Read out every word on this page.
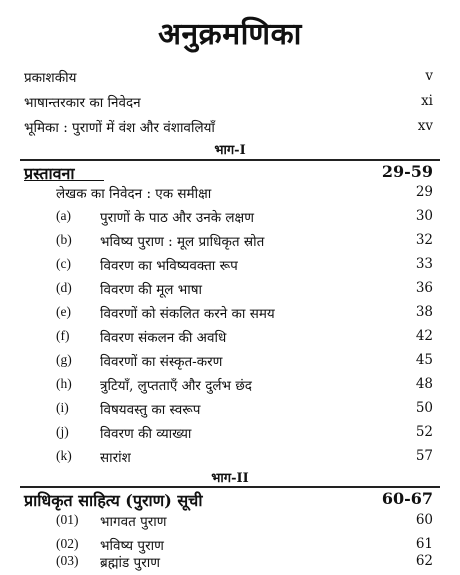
अनुक्रमणिका
प्रकाशकीय	v
भाषान्तरकार का निवेदन	xi
भूमिका : पुराणों में वंश और वंशावलियाँ	xv
भाग-I
प्रस्तावना	29-59
लेखक का निवेदन : एक समीक्षा	29
(a) पुराणों के पाठ और उनके लक्षण	30
(b) भविष्य पुराण : मूल प्राधिकृत स्रोत	32
(c) विवरण का भविष्यवक्ता रूप	33
(d) विवरण की मूल भाषा	36
(e) विवरणों को संकलित करने का समय	38
(f) विवरण संकलन की अवधि	42
(g) विवरणों का संस्कृत-करण	45
(h) त्रुटियाँ, लुप्तताएँ और दुर्लभ छंद	48
(i) विषयवस्तु का स्वरूप	50
(j) विवरण की व्याख्या	52
(k) सारांश	57
भाग-II
प्राधिकृत साहित्य (पुराण) सूची	60-67
(01) भागवत पुराण	60
(02) भविष्य पुराण	61
(03) ब्रह्मांड पुराण	62
